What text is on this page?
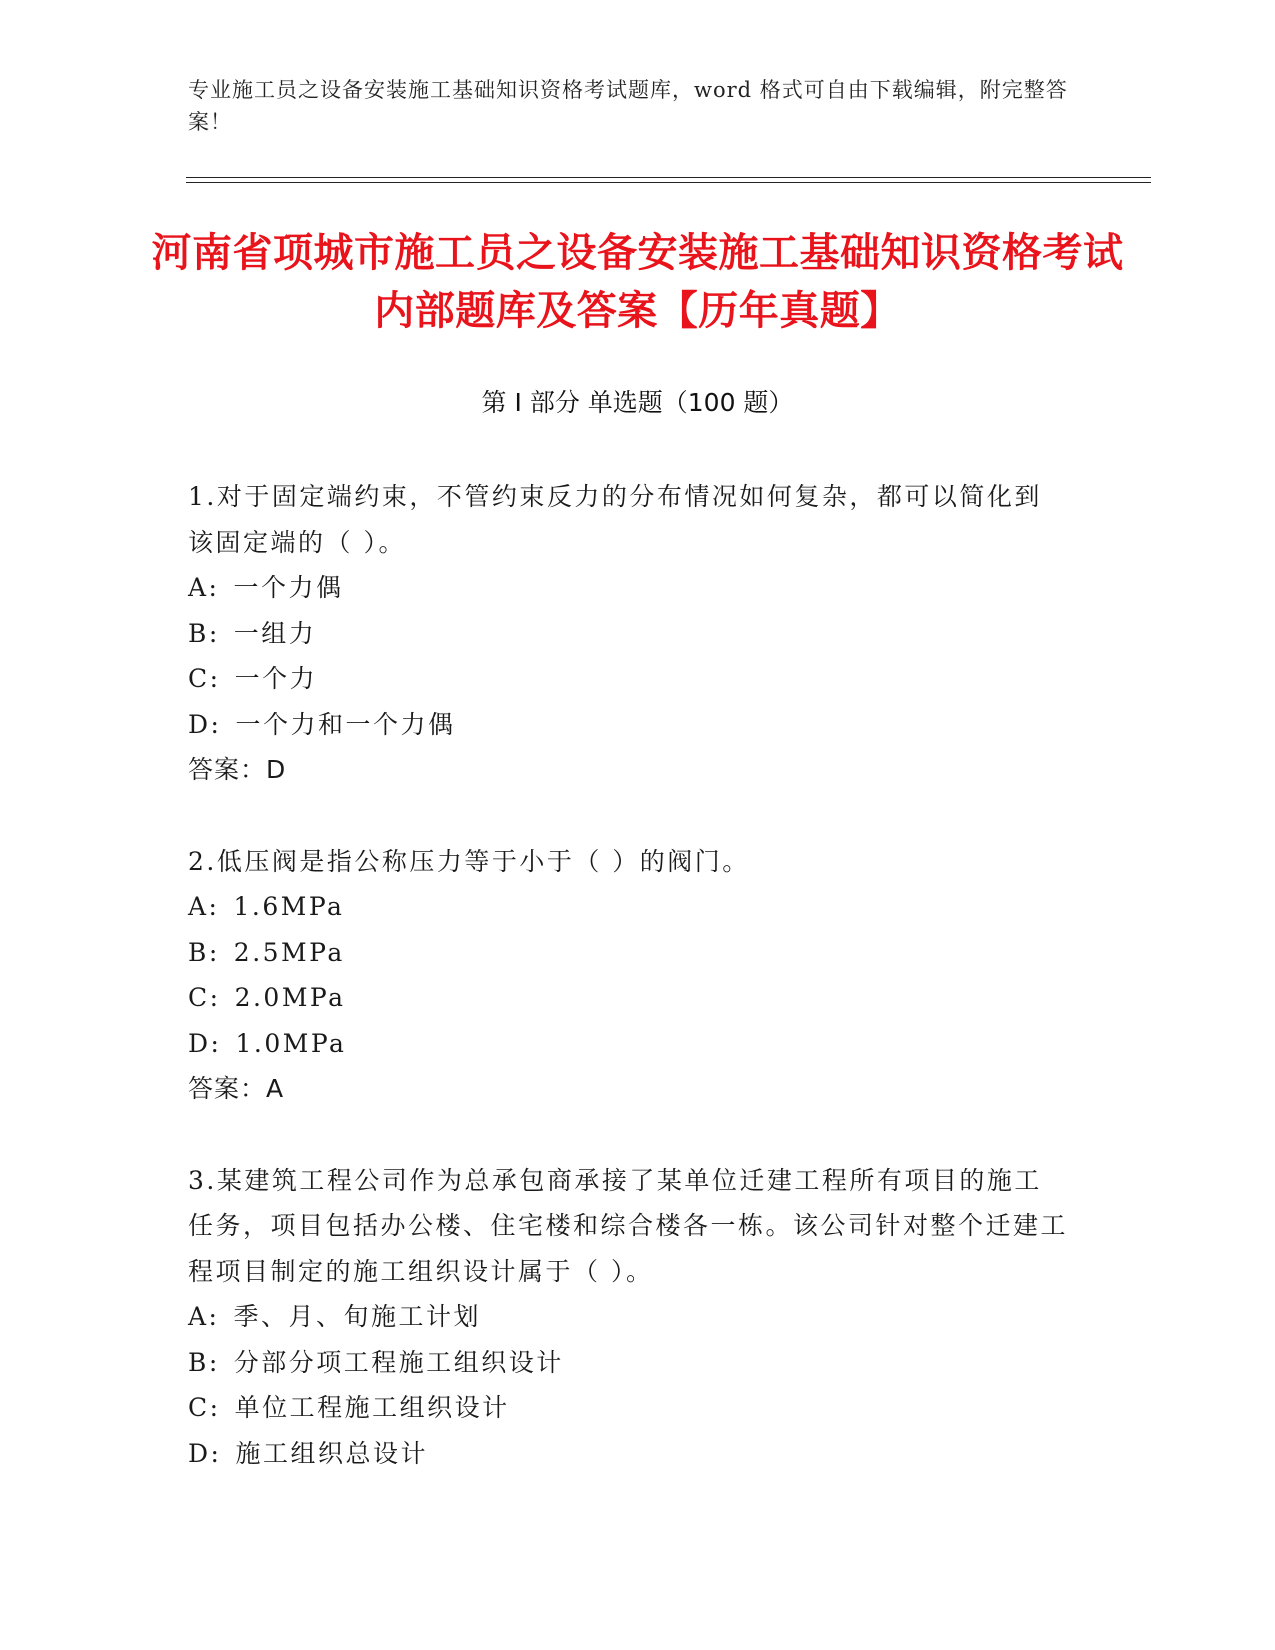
专业施工员之设备安装施工基础知识资格考试题库，word 格式可自由下载编辑，附完整答案！
河南省项城市施工员之设备安装施工基础知识资格考试内部题库及答案【历年真题】
第 I 部分 单选题（100 题）
1.对于固定端约束，不管约束反力的分布情况如何复杂，都可以简化到该固定端的（ ）。
A: 一个力偶
B: 一组力
C: 一个力
D: 一个力和一个力偶
答案：D
2.低压阀是指公称压力等于小于（ ）的阀门。
A: 1.6MPa
B: 2.5MPa
C: 2.0MPa
D: 1.0MPa
答案：A
3.某建筑工程公司作为总承包商承接了某单位迁建工程所有项目的施工任务，项目包括办公楼、住宅楼和综合楼各一栋。该公司针对整个迁建工程项目制定的施工组织设计属于（ ）。
A: 季、月、旬施工计划
B: 分部分项工程施工组织设计
C: 单位工程施工组织设计
D: 施工组织总设计
